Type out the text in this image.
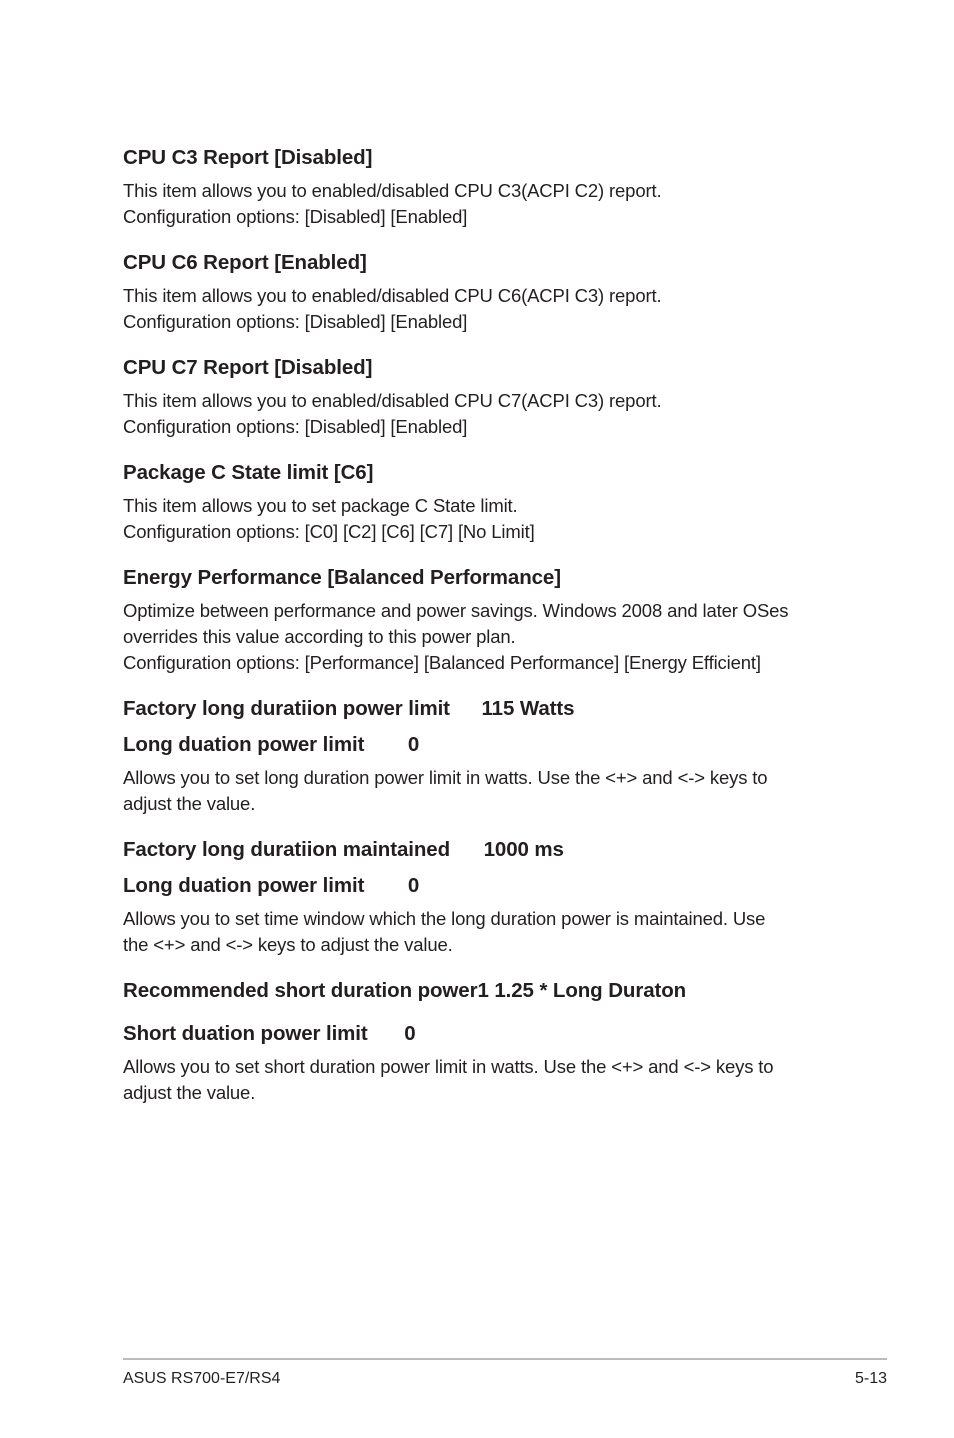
CPU C3 Report [Disabled]
This item allows you to enabled/disabled CPU C3(ACPI C2) report.
Configuration options: [Disabled] [Enabled]
CPU C6 Report [Enabled]
This item allows you to enabled/disabled CPU C6(ACPI C3) report.
Configuration options: [Disabled] [Enabled]
CPU C7 Report [Disabled]
This item allows you to enabled/disabled CPU C7(ACPI C3) report.
Configuration options: [Disabled] [Enabled]
Package C State limit [C6]
This item allows you to set package C State limit.
Configuration options: [C0] [C2] [C6] [C7] [No Limit]
Energy Performance [Balanced Performance]
Optimize between performance and power savings. Windows 2008 and later OSes
overrides this value according to this power plan.
Configuration options: [Performance] [Balanced Performance] [Energy Efficient]
Factory long duratiion power limit 115 Watts
Long duation power limit 0
Allows you to set long duration power limit in watts. Use the <+> and <-> keys to
adjust the value.
Factory long duratiion maintained 1000 ms
Long duation power limit 0
Allows you to set time window which the long duration power is maintained. Use
the <+> and <-> keys to adjust the value.
Recommended short duration power1 1.25 * Long Duraton
Short duation power limit 0
Allows you to set short duration power limit in watts. Use the <+> and <-> keys to
adjust the value.
ASUS RS700-E7/RS4	5-13
